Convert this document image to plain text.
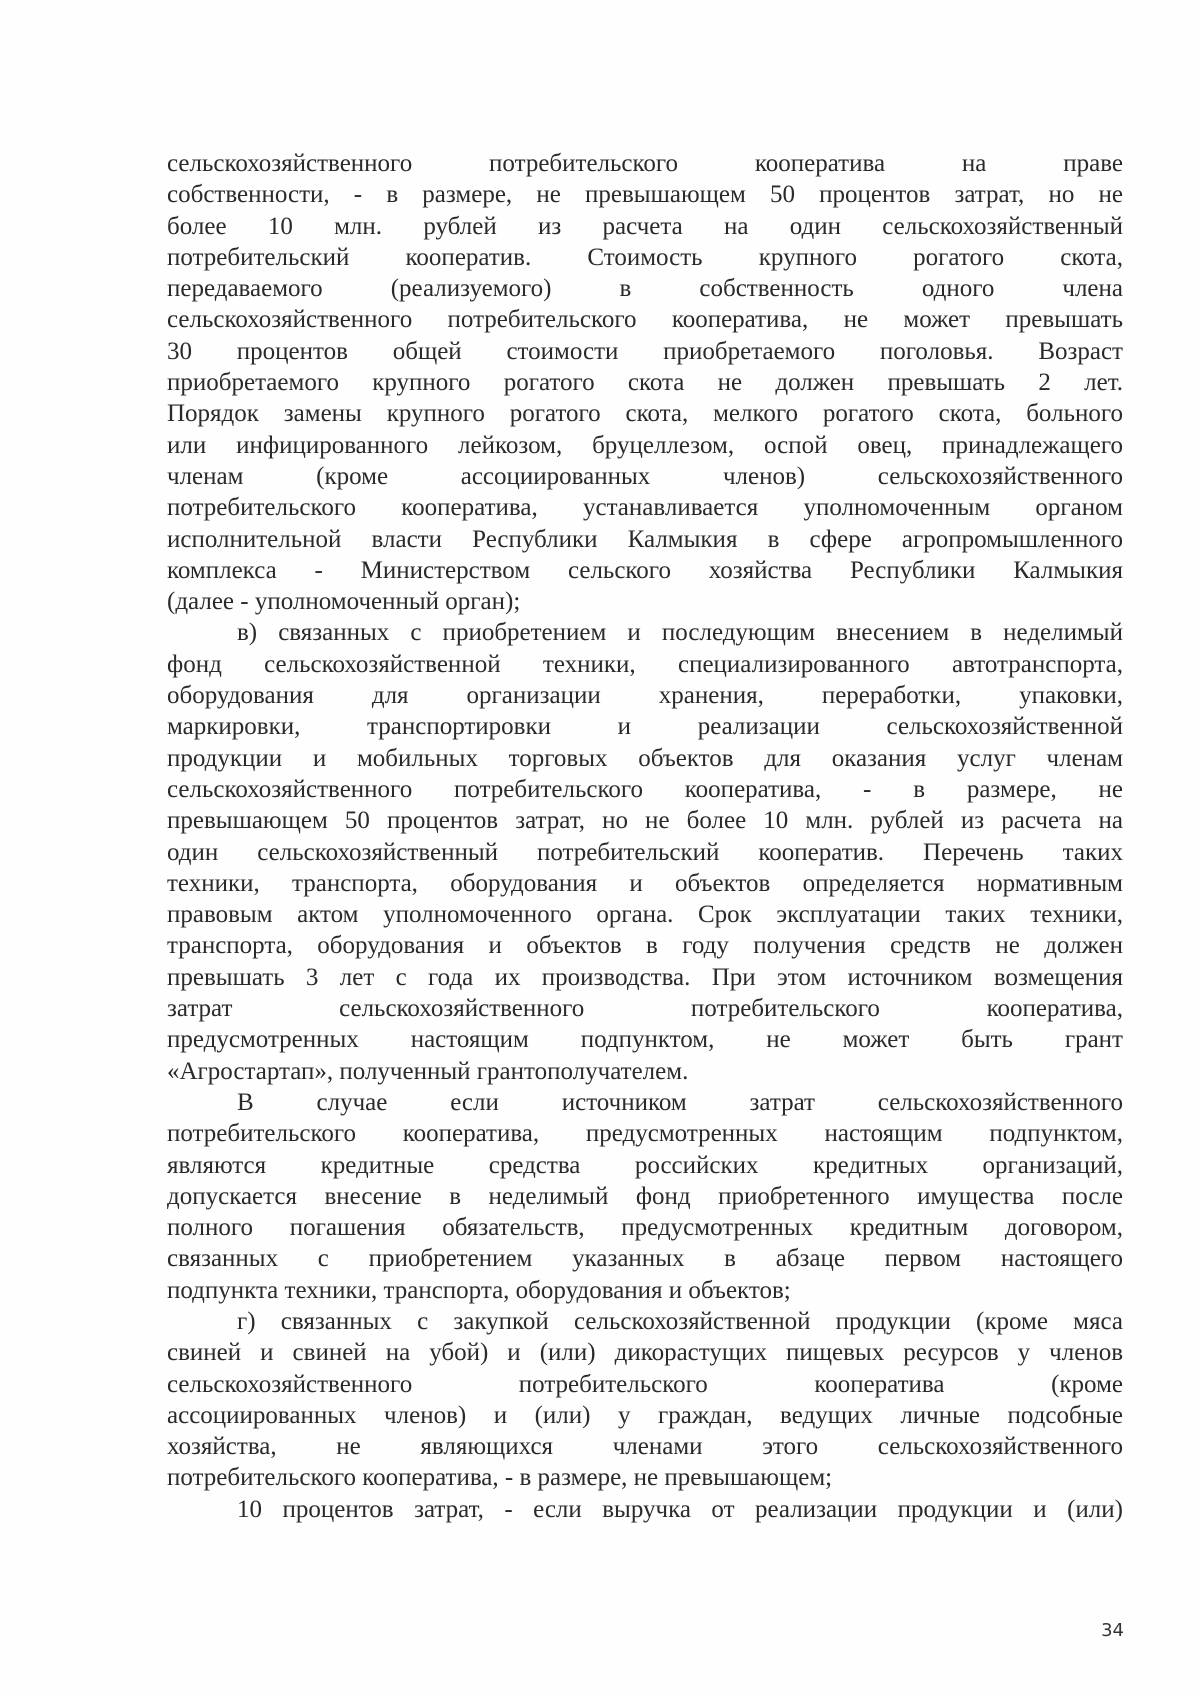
сельскохозяйственного потребительского кооператива на праве

собственности, - в размере, не превышающем 50 процентов затрат, но не

более 10 млн. рублей из расчета на один сельскохозяйственный

потребительский кооператив. Стоимость крупного рогатого скота,

передаваемого (реализуемого) в собственность одного члена

сельскохозяйственного потребительского кооператива, не может превышать

30 процентов общей стоимости приобретаемого поголовья. Возраст

приобретаемого крупного рогатого скота не должен превышать 2 лет.

Порядок замены крупного рогатого скота, мелкого рогатого скота, больного

или инфицированного лейкозом, бруцеллезом, оспой овец, принадлежащего

членам (кроме ассоциированных членов) сельскохозяйственного

потребительского кооператива, устанавливается уполномоченным органом

исполнительной власти Республики Калмыкия в сфере агропромышленного

комплекса - Министерством сельского хозяйства Республики Калмыкия

(далее - уполномоченный орган);

в) связанных с приобретением и последующим внесением в неделимый

фонд сельскохозяйственной техники, специализированного автотранспорта,

оборудования для организации хранения, переработки, упаковки,

маркировки, транспортировки и реализации сельскохозяйственной

продукции и мобильных торговых объектов для оказания услуг членам

сельскохозяйственного потребительского кооператива, - в размере, не

превышающем 50 процентов затрат, но не более 10 млн. рублей из расчета на

один сельскохозяйственный потребительский кооператив. Перечень таких

техники, транспорта, оборудования и объектов определяется нормативным

правовым актом уполномоченного органа. Срок эксплуатации таких техники,

транспорта, оборудования и объектов в году получения средств не должен

превышать 3 лет с года их производства. При этом источником возмещения

затрат сельскохозяйственного потребительского кооператива,

предусмотренных настоящим подпунктом, не может быть грант

«Агростартап», полученный грантополучателем.

В случае если источником затрат сельскохозяйственного

потребительского кооператива, предусмотренных настоящим подпунктом,

являются кредитные средства российских кредитных организаций,

допускается внесение в неделимый фонд приобретенного имущества после

полного погашения обязательств, предусмотренных кредитным договором,

связанных с приобретением указанных в абзаце первом настоящего

подпункта техники, транспорта, оборудования и объектов;

г) связанных с закупкой сельскохозяйственной продукции (кроме мяса

свиней и свиней на убой) и (или) дикорастущих пищевых ресурсов у членов

сельскохозяйственного потребительского кооператива (кроме

ассоциированных членов) и (или) у граждан, ведущих личные подсобные

хозяйства, не являющихся членами этого сельскохозяйственного

потребительского кооператива, - в размере, не превышающем;

10 процентов затрат, - если выручка от реализации продукции и (или)

34
